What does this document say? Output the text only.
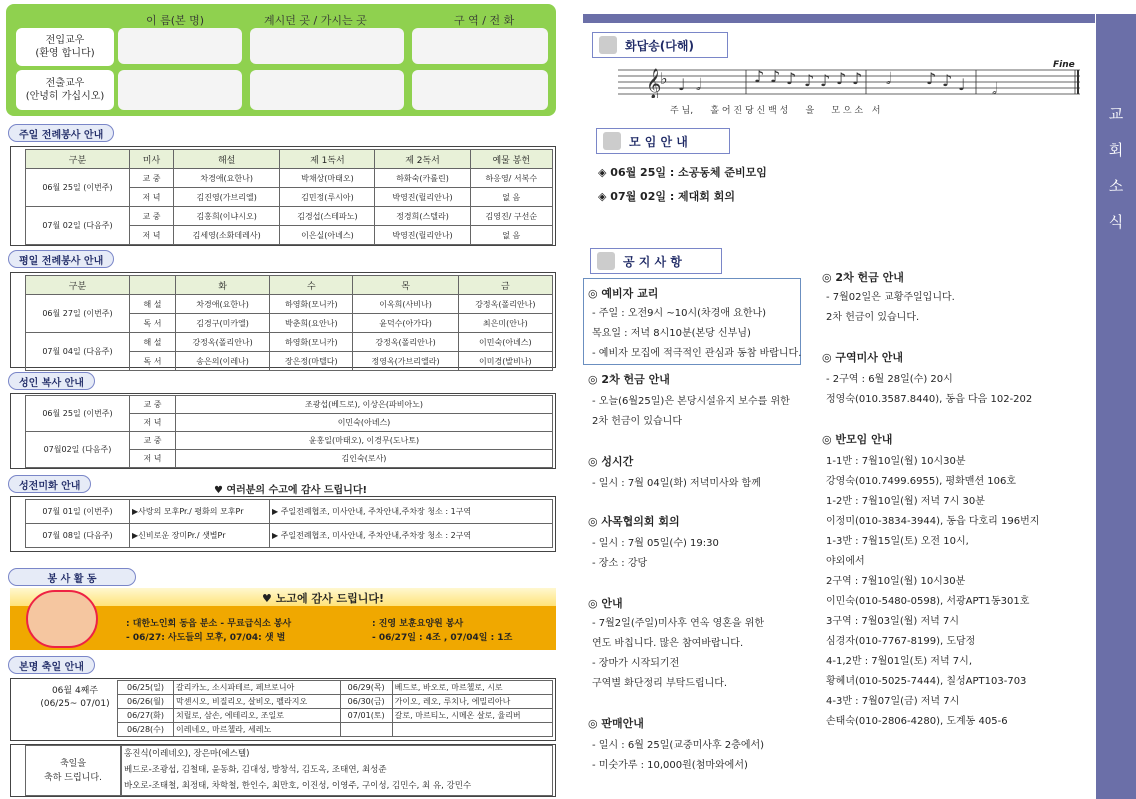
이 름(본 명)	계시던 곳 / 가시는 곳	구 역 / 전 화
전입교우
(환영 합니다)
전출교우
(안녕히 가십시오)
주일 전례봉사 안내
구분	미사	해설	제 1독서	제 2독서	예물 봉헌
06월 25일 (이번주)	교 중	차경애(요한나)	박채상(마태오)	하화숙(카롤린)	하응영/ 서복수
	저 녁	김진영(가브리엘)	김민정(루시아)	박영진(릴리안나)	없 음
07월 02일 (다음주)	교 중	김홍희(이냐시오)	김경섭(스테파노)	정경희(스텔라)	김영진/ 구선순
	저 녁	김세영(소화데레사)	이은실(아녜스)	박영진(릴리안나)	없 음
평일 전례봉사 안내
구분		화	수	목	금
06월 27일 (이번주)	해 설	차경애(요한나)	하영화(모니카)	이옥희(사비나)	강정옥(폴리안나)
	독 서	김경구(미카엘)	박춘희(요안나)	윤덕수(아가다)	최은미(안나)
07월 04일 (다음주)	해 설	강정옥(폴리안나)	하영화(모니카)	강정옥(폴리안나)	이민숙(아녜스)
	독 서	송은의(이레나)	장은정(마텔다)	정영옥(가브리엘라)	이미경(발비나)
성인 복사 안내
06월 25일 (이번주)	교 중	조광섭(베드로), 이상은(파비아노)
	저 녁	이민숙(아녜스)
07월02일 (다음주)	교 중	윤홍일(마태오), 이경무(도나토)
	저 녁	김인숙(로사)
성전미화 안내	♥ 여러분의 수고에 감사 드립니다!
07월 01일 (이번주)	▶사랑의 모후Pr./ 평화의 모후Pr	▶ 주일전례협조, 미사안내, 주차안내,주차장 청소 : 1구역
07월 08일 (다음주)	▶신비로운 장미Pr./ 샛별Pr	▶ 주일전례협조, 미사안내, 주차안내,주차장 청소 : 2구역
봉 사 활 동
♥ 노고에 감사 드립니다!
: 대한노인회 동읍 분소 - 무료급식소 봉사
- 06/27: 사도들의 모후, 07/04: 샛 별
: 진영 보훈요양원 봉사
- 06/27일 : 4조 , 07/04일 : 1조
본명 축일 안내
06월 4째주
(06/25~ 07/01)
06/25(일)	갈리카노, 소시파테르, 페브로니아	06/29(목)	베드로, 바오로, 마르첼로, 시로
06/26(월)	막센시오, 비질리오, 살비오, 펠라지오	06/30(금)	가이오, 레오, 루치나, 에밀리아나
06/27(화)	치릴로, 삼손, 에테리오, 조일로	07/01(토)	갈로, 마르티노, 시메온 살로, 율리버
06/28(수)	이레네오, 마르첼라, 세레노		
축일을
축하 드립니다.
홍진식(이레네오), 장은마(에스텔)
베드로-조광섭, 김철태, 윤동화, 김대성, 방창석, 김도옥, 조태연, 최성준
바오로-조태철, 최정태, 차학철, 한인수, 최만호, 이진성, 이영주, 구이성, 김민수, 최 유, 강민수
교
회
소
식
화답송(다해)
𝄞
♭ ♩ 𝅗𝅥	♪ ♪ ♪ ♪ ♪ ♪ ♪ 𝅗𝅥 ♪ ♪ ♩ 𝅗𝅥
Fine
주 님,      홀 어 진 당 신 백 성      을      모 으 소   서
모 임 안 내
◈ 06월 25일 : 소공동체 준비모임
◈ 07월 02일 : 제대회 회의
공 지 사 항
◎ 예비자 교리
- 주일 : 오전9시 ~10시(차경애 요한나)
목요일 : 저녁 8시10분(본당 신부님)
- 예비자 모집에 적극적인 관심과 동참 바랍니다.
◎ 2차 헌금 안내
- 오늘(6월25일)은 본당시설유지 보수를 위한
2차 헌금이 있습니다
◎ 성시간
- 일시 : 7월 04일(화) 저녁미사와 함께
◎ 사목협의회 회의
- 일시 : 7월 05일(수) 19:30
- 장소 : 강당
◎ 안내
- 7월2일(주일)미사후 연옥 영혼을 위한
연도 바칩니다. 많은 참여바랍니다.
- 장마가 시작되기전
구역별 화단정리 부탁드립니다.
◎ 판매안내
- 일시 : 6월 25일(교중미사후 2층에서)
- 미숫가루 : 10,000원(첨마와에서)
◎ 2차 헌금 안내
- 7월02일은 교황주일입니다.
2차 헌금이 있습니다.
◎ 구역미사 안내
- 2구역 : 6월 28일(수) 20시
정영숙(010.3587.8440), 동읍 다음 102-202
◎ 반모임 안내
1-1반 : 7월10일(월) 10시30분
강영숙(010.7499.6955), 평화맨션 106호
1-2반 : 7월10일(월) 저녁 7시 30분
이정미(010-3834-3944), 동읍 다호리 196번지
1-3반 : 7월15일(토) 오전 10시,
야외에서
2구역 : 7월10일(월) 10시30분
이민숙(010-5480-0598), 서광APT1동301호
3구역 : 7월03일(월) 저녁 7시
심경자(010-7767-8199), 도담정
4-1,2반 : 7월01일(토) 저녁 7시,
황혜녀(010-5025-7444), 칠성APT103-703
4-3반 : 7월07일(금) 저녁 7시
손태숙(010-2806-4280), 도계동 405-6
